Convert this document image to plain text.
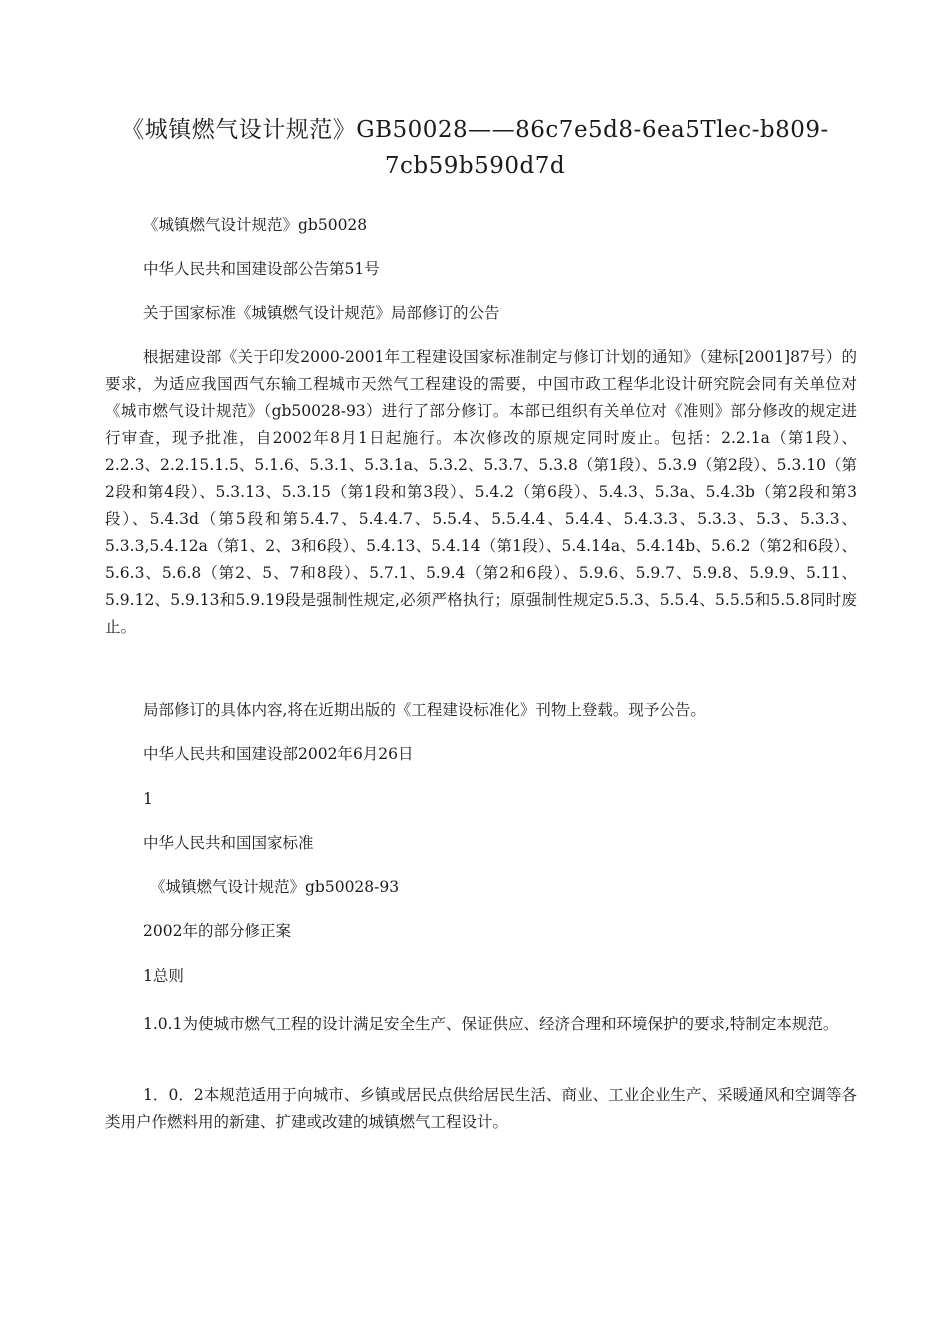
《城镇燃气设计规范》GB50028——86c7e5d8-6ea5Tlec-b809-
7cb59b590d7d
《城镇燃气设计规范》gb50028
中华人民共和国建设部公告第51号
关于国家标准《城镇燃气设计规范》局部修订的公告
根据建设部《关于印发2000-2001年工程建设国家标准制定与修订计划的通知》（建标[2001]87号）的要求，为适应我国西气东输工程城市天然气工程建设的需要，中国市政工程华北设计研究院会同有关单位对《城市燃气设计规范》（gb50028-93）进行了部分修订。本部已组织有关单位对《准则》部分修改的规定进行审查，现予批准，自2002年8月1日起施行。本次修改的原规定同时废止。包括：2.2.1a（第1段）、2.2.3、2.2.15.1.5、5.1.6、5.3.1、5.3.1a、5.3.2、5.3.7、5.3.8（第1段）、5.3.9（第2段）、5.3.10（第2段和第4段）、5.3.13、5.3.15（第1段和第3段）、5.4.2（第6段）、5.4.3、5.3a、5.4.3b（第2段和第3段）、5.4.3d（第5段和第5.4.7、5.4.4.7、5.5.4、5.5.4.4、5.4.4、5.4.3.3、5.3.3、5.3、5.3.3、5.3.3,5.4.12a（第1、2、3和6段）、5.4.13、5.4.14（第1段）、5.4.14a、5.4.14b、5.6.2（第2和6段）、5.6.3、5.6.8（第2、5、7和8段）、5.7.1、5.9.4（第2和6段）、5.9.6、5.9.7、5.9.8、5.9.9、5.11、5.9.12、5.9.13和5.9.19段是强制性规定,必须严格执行；原强制性规定5.5.3、5.5.4、5.5.5和5.5.8同时废止。
局部修订的具体内容,将在近期出版的《工程建设标准化》刊物上登载。现予公告。
中华人民共和国建设部2002年6月26日
1
中华人民共和国国家标准
《城镇燃气设计规范》gb50028-93
2002年的部分修正案
1总则
1.0.1为使城市燃气工程的设计满足安全生产、保证供应、经济合理和环境保护的要求,特制定本规范。
1．0．2本规范适用于向城市、乡镇或居民点供给居民生活、商业、工业企业生产、采暖通风和空调等各类用户作燃料用的新建、扩建或改建的城镇燃气工程设计。
